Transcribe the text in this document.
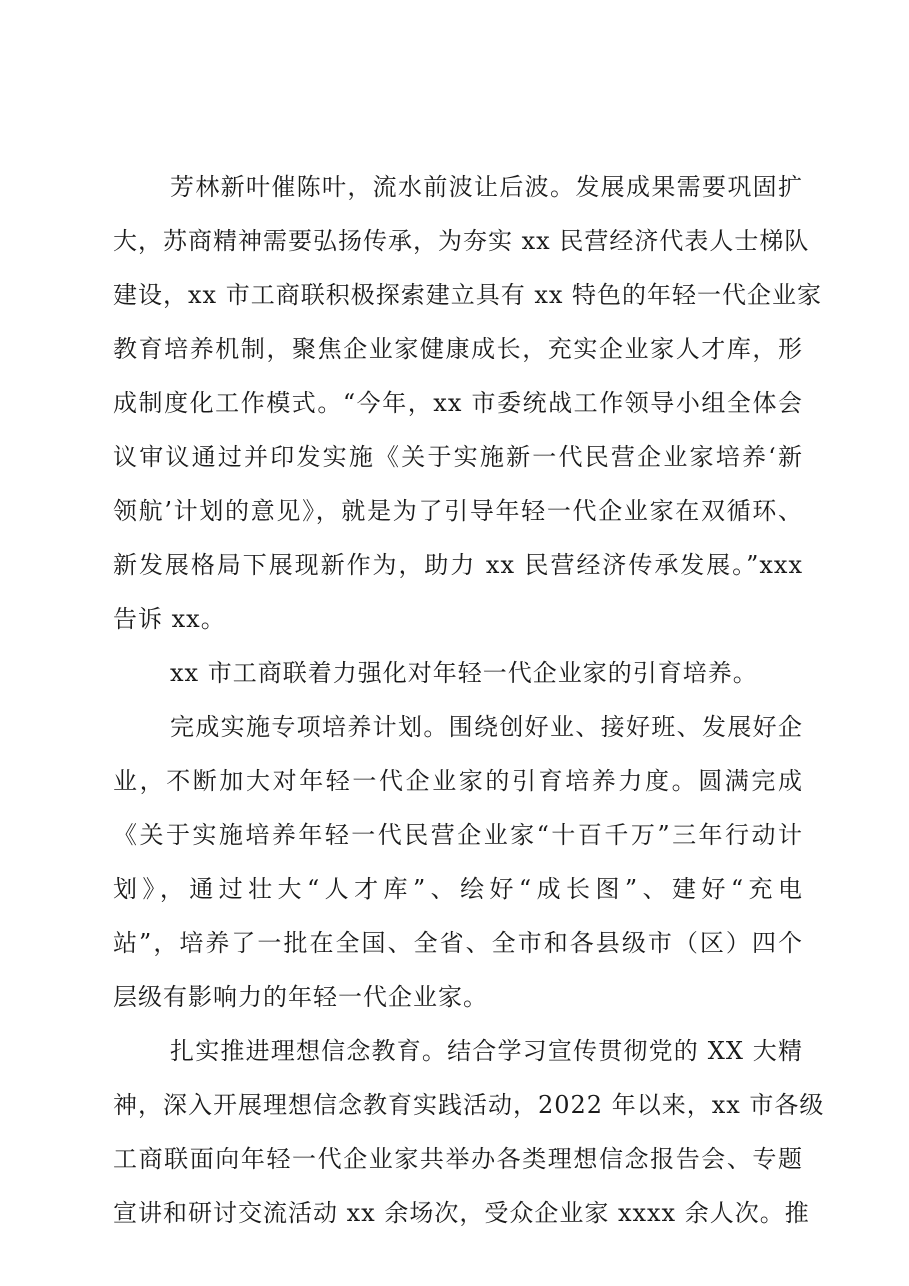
芳林新叶催陈叶，流水前波让后波。发展成果需要巩固扩
大，苏商精神需要弘扬传承，为夯实 xx 民营经济代表人士梯队
建设，xx 市工商联积极探索建立具有 xx 特色的年轻一代企业家
教育培养机制，聚焦企业家健康成长，充实企业家人才库，形
成制度化工作模式。“今年，xx 市委统战工作领导小组全体会
议审议通过并印发实施《关于实施新一代民营企业家培养‘新
领航’计划的意见》，就是为了引导年轻一代企业家在双循环、
新发展格局下展现新作为，助力 xx 民营经济传承发展。”xxx
告诉 xx。

xx 市工商联着力强化对年轻一代企业家的引育培养。

完成实施专项培养计划。围绕创好业、接好班、发展好企
业，不断加大对年轻一代企业家的引育培养力度。圆满完成
《关于实施培养年轻一代民营企业家“十百千万”三年行动计
划》，通过壮大“人才库”、绘好“成长图”、建好“充电
站”，培养了一批在全国、全省、全市和各县级市（区）四个
层级有影响力的年轻一代企业家。

扎实推进理想信念教育。结合学习宣传贯彻党的 XX 大精
神，深入开展理想信念教育实践活动，2022 年以来，xx 市各级
工商联面向年轻一代企业家共举办各类理想信念报告会、专题
宣讲和研讨交流活动 xx 余场次，受众企业家 xxxx 余人次。推
